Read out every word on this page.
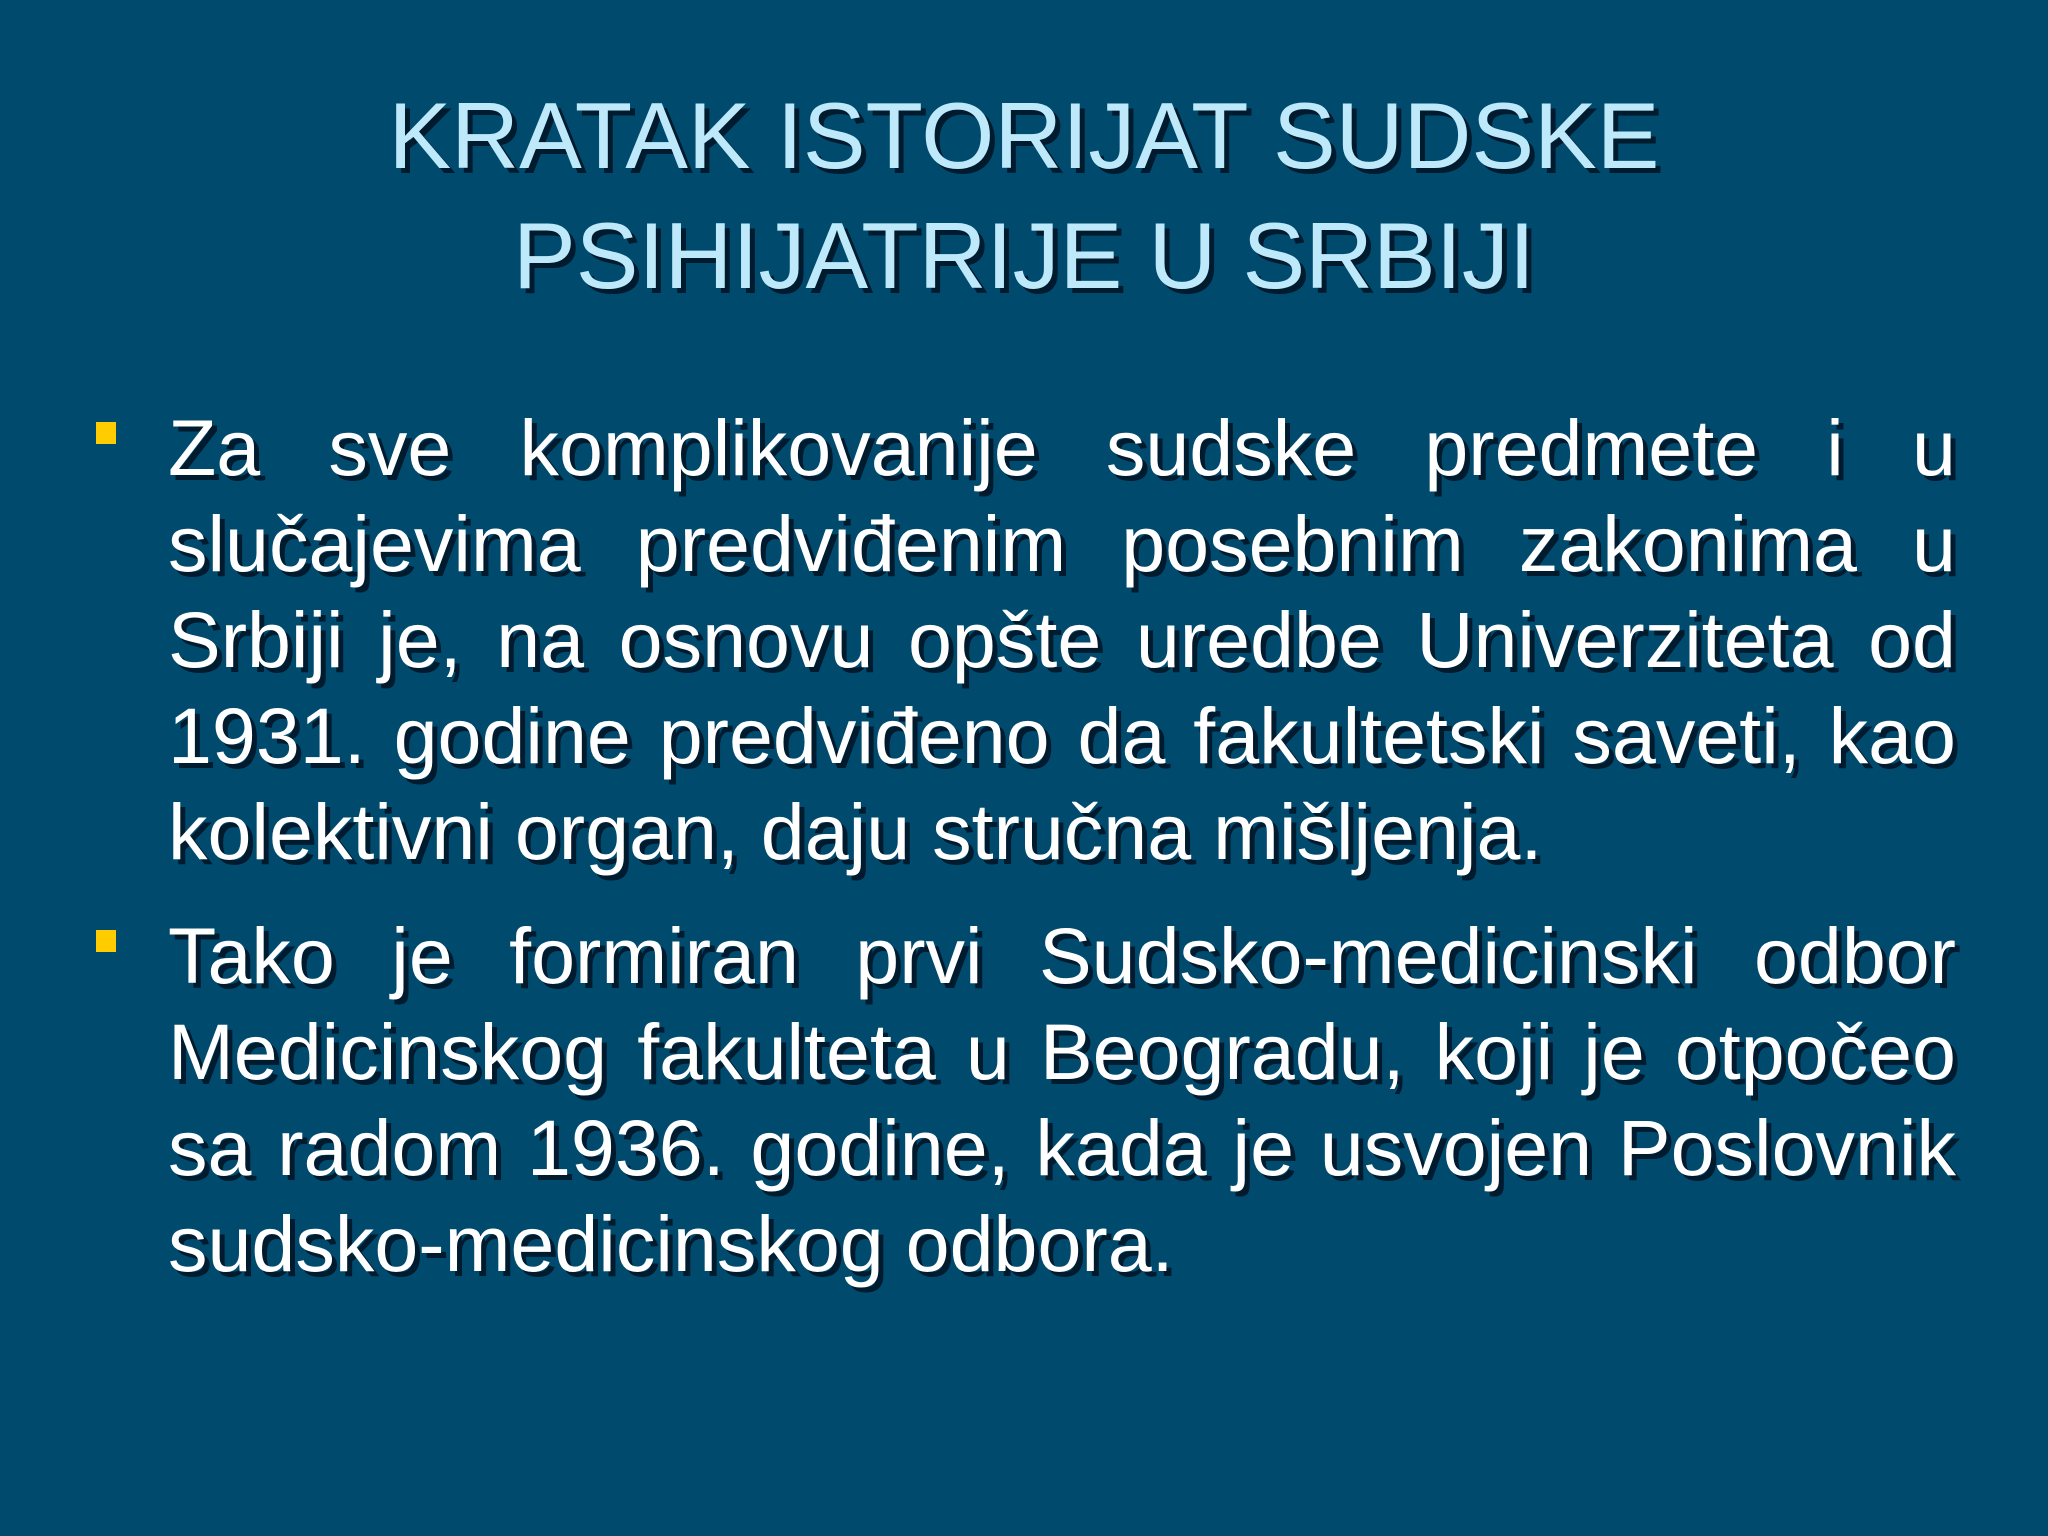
KRATAK ISTORIJAT SUDSKE
PSIHIJATRIJE U SRBIJI
Za sve komplikovanije sudske predmete i u slučajevima predviđenim posebnim zakonima u Srbiji je, na osnovu opšte uredbe Univerziteta od 1931. godine predviđeno da fakultetski saveti, kao kolektivni organ, daju stručna mišljenja.
Tako je formiran prvi Sudsko-medicinski odbor Medicinskog fakulteta u Beogradu, koji je otpočeo sa radom 1936. godine, kada je usvojen Poslovnik sudsko-medicinskog odbora.
